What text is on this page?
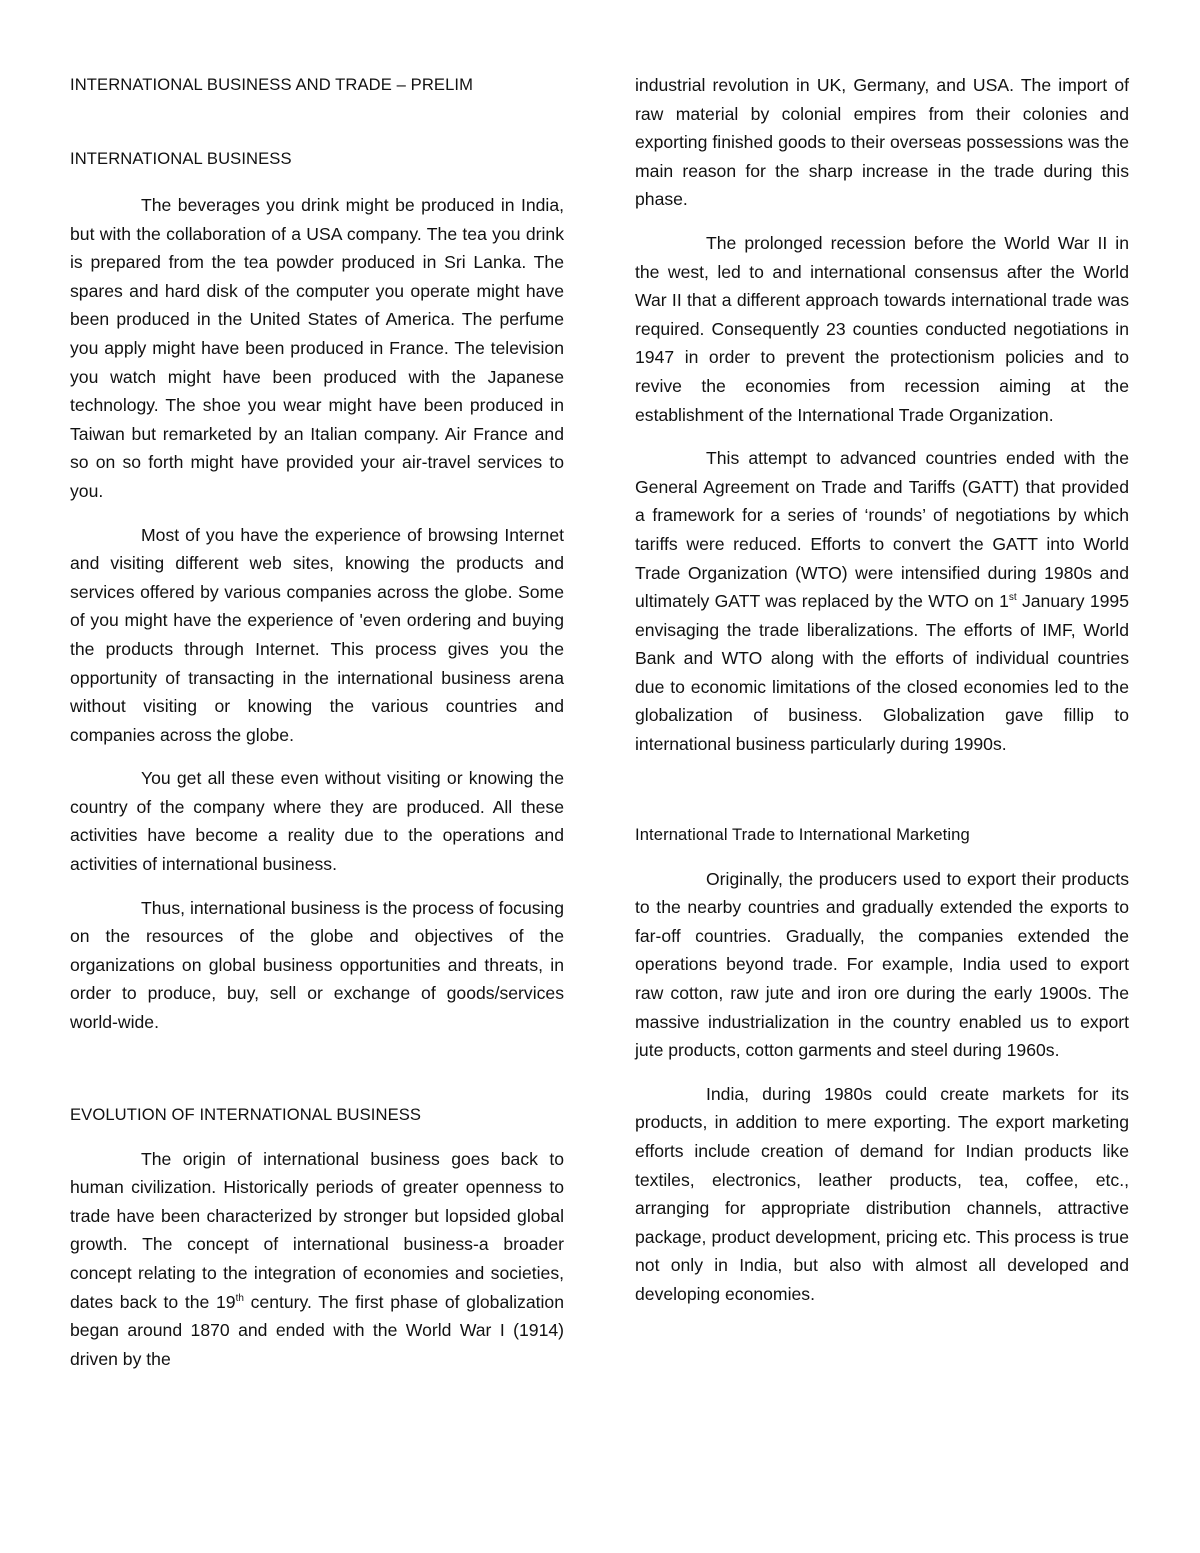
INTERNATIONAL BUSINESS AND TRADE – PRELIM
INTERNATIONAL BUSINESS

The beverages you drink might be produced in India, but with the collaboration of a USA company. The tea you drink is prepared from the tea powder produced in Sri Lanka. The spares and hard disk of the computer you operate might have been produced in the United States of America. The perfume you apply might have been produced in France. The television you watch might have been produced with the Japanese technology. The shoe you wear might have been produced in Taiwan but remarketed by an Italian company. Air France and so on so forth might have provided your air-travel services to you.

Most of you have the experience of browsing Internet and visiting different web sites, knowing the products and services offered by various companies across the globe. Some of you might have the experience of 'even ordering and buying the products through Internet. This process gives you the opportunity of transacting in the international business arena without visiting or knowing the various countries and companies across the globe.

You get all these even without visiting or knowing the country of the company where they are produced. All these activities have become a reality due to the operations and activities of international business.

Thus, international business is the process of focusing on the resources of the globe and objectives of the organizations on global business opportunities and threats, in order to produce, buy, sell or exchange of goods/services world-wide.

EVOLUTION OF INTERNATIONAL BUSINESS

The origin of international business goes back to human civilization. Historically periods of greater openness to trade have been characterized by stronger but lopsided global growth. The concept of international business-a broader concept relating to the integration of economies and societies, dates back to the 19th century. The first phase of globalization began around 1870 and ended with the World War I (1914) driven by the

industrial revolution in UK, Germany, and USA. The import of raw material by colonial empires from their colonies and exporting finished goods to their overseas possessions was the main reason for the sharp increase in the trade during this phase.

The prolonged recession before the World War II in the west, led to and international consensus after the World War II that a different approach towards international trade was required. Consequently 23 counties conducted negotiations in 1947 in order to prevent the protectionism policies and to revive the economies from recession aiming at the establishment of the International Trade Organization.

This attempt to advanced countries ended with the General Agreement on Trade and Tariffs (GATT) that provided a framework for a series of ‘rounds’ of negotiations by which tariffs were reduced. Efforts to convert the GATT into World Trade Organization (WTO) were intensified during 1980s and ultimately GATT was replaced by the WTO on 1st January 1995 envisaging the trade liberalizations. The efforts of IMF, World Bank and WTO along with the efforts of individual countries due to economic limitations of the closed economies led to the globalization of business. Globalization gave fillip to international business particularly during 1990s.

International Trade to International Marketing

Originally, the producers used to export their products to the nearby countries and gradually extended the exports to far-off countries. Gradually, the companies extended the operations beyond trade. For example, India used to export raw cotton, raw jute and iron ore during the early 1900s. The massive industrialization in the country enabled us to export jute products, cotton garments and steel during 1960s.

India, during 1980s could create markets for its products, in addition to mere exporting. The export marketing efforts include creation of demand for Indian products like textiles, electronics, leather products, tea, coffee, etc., arranging for appropriate distribution channels, attractive package, product development, pricing etc. This process is true not only in India, but also with almost all developed and developing economies.
